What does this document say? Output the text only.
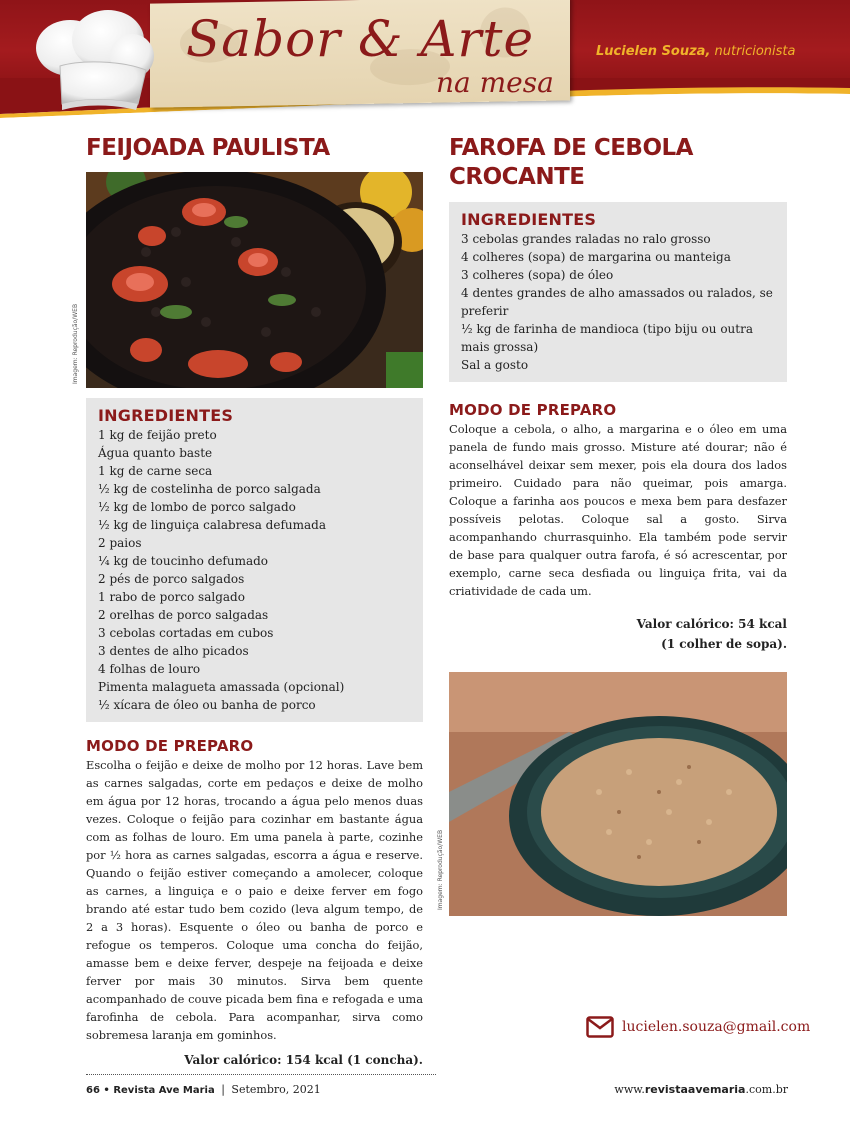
Sabor & Arte
na mesa
Lucielen Souza, nutricionista
FEIJOADA PAULISTA
Imagem: Reprodução/WEB
INGREDIENTES
1 kg de feijão preto
Água quanto baste
1 kg de carne seca
½ kg de costelinha de porco salgada
½ kg de lombo de porco salgado
½ kg de linguiça calabresa defumada
2 paios
¼ kg de toucinho defumado
2 pés de porco salgados
1 rabo de porco salgado
2 orelhas de porco salgadas
3 cebolas cortadas em cubos
3 dentes de alho picados
4 folhas de louro
Pimenta malagueta amassada (opcional)
½ xícara de óleo ou banha de porco
MODO DE PREPARO

Escolha o feijão e deixe de molho por 12 horas. Lave bem as carnes salgadas, corte em pedaços e deixe de molho em água por 12 horas, trocando a água pelo menos duas vezes. Coloque o feijão para cozinhar em bastante água com as folhas de louro. Em uma panela à parte, cozinhe por ½ hora as carnes salgadas, escorra a água e reserve. Quando o feijão estiver começando a amolecer, coloque as carnes, a linguiça e o paio e deixe ferver em fogo brando até estar tudo bem cozido (leva algum tempo, de 2 a 3 horas). Esquente o óleo ou banha de porco e refogue os temperos. Coloque uma concha do feijão, amasse bem e deixe ferver, despeje na feijoada e deixe ferver por mais 30 minutos. Sirva bem quente acompanhado de couve picada bem fina e refogada e uma farofinha de cebola. Para acompanhar, sirva como sobremesa laranja em gominhos.

Valor calórico: 154 kcal (1 concha).

FAROFA DE CEBOLA
CROCANTE
INGREDIENTES
3 cebolas grandes raladas no ralo grosso
4 colheres (sopa) de margarina ou manteiga
3 colheres (sopa) de óleo
4 dentes grandes de alho amassados ou ralados, se preferir
½ kg de farinha de mandioca (tipo biju ou outra mais grossa)
Sal a gosto
MODO DE PREPARO

Coloque a cebola, o alho, a margarina e o óleo em uma panela de fundo mais grosso. Misture até dourar; não é aconselhável deixar sem mexer, pois ela doura dos lados primeiro. Cuidado para não queimar, pois amarga. Coloque a farinha aos poucos e mexa bem para desfazer possíveis pelotas. Coloque sal a gosto. Sirva acompanhando churrasquinho. Ela também pode servir de base para qualquer outra farofa, é só acrescentar, por exemplo, carne seca desfiada ou linguiça frita, vai da criatividade de cada um.

Valor calórico: 54 kcal
(1 colher de sopa).

Imagem: Reprodução/WEB
lucielen.souza@gmail.com
66 • Revista Ave Maria | Setembro, 2021	www.revistaavemaria.com.br
